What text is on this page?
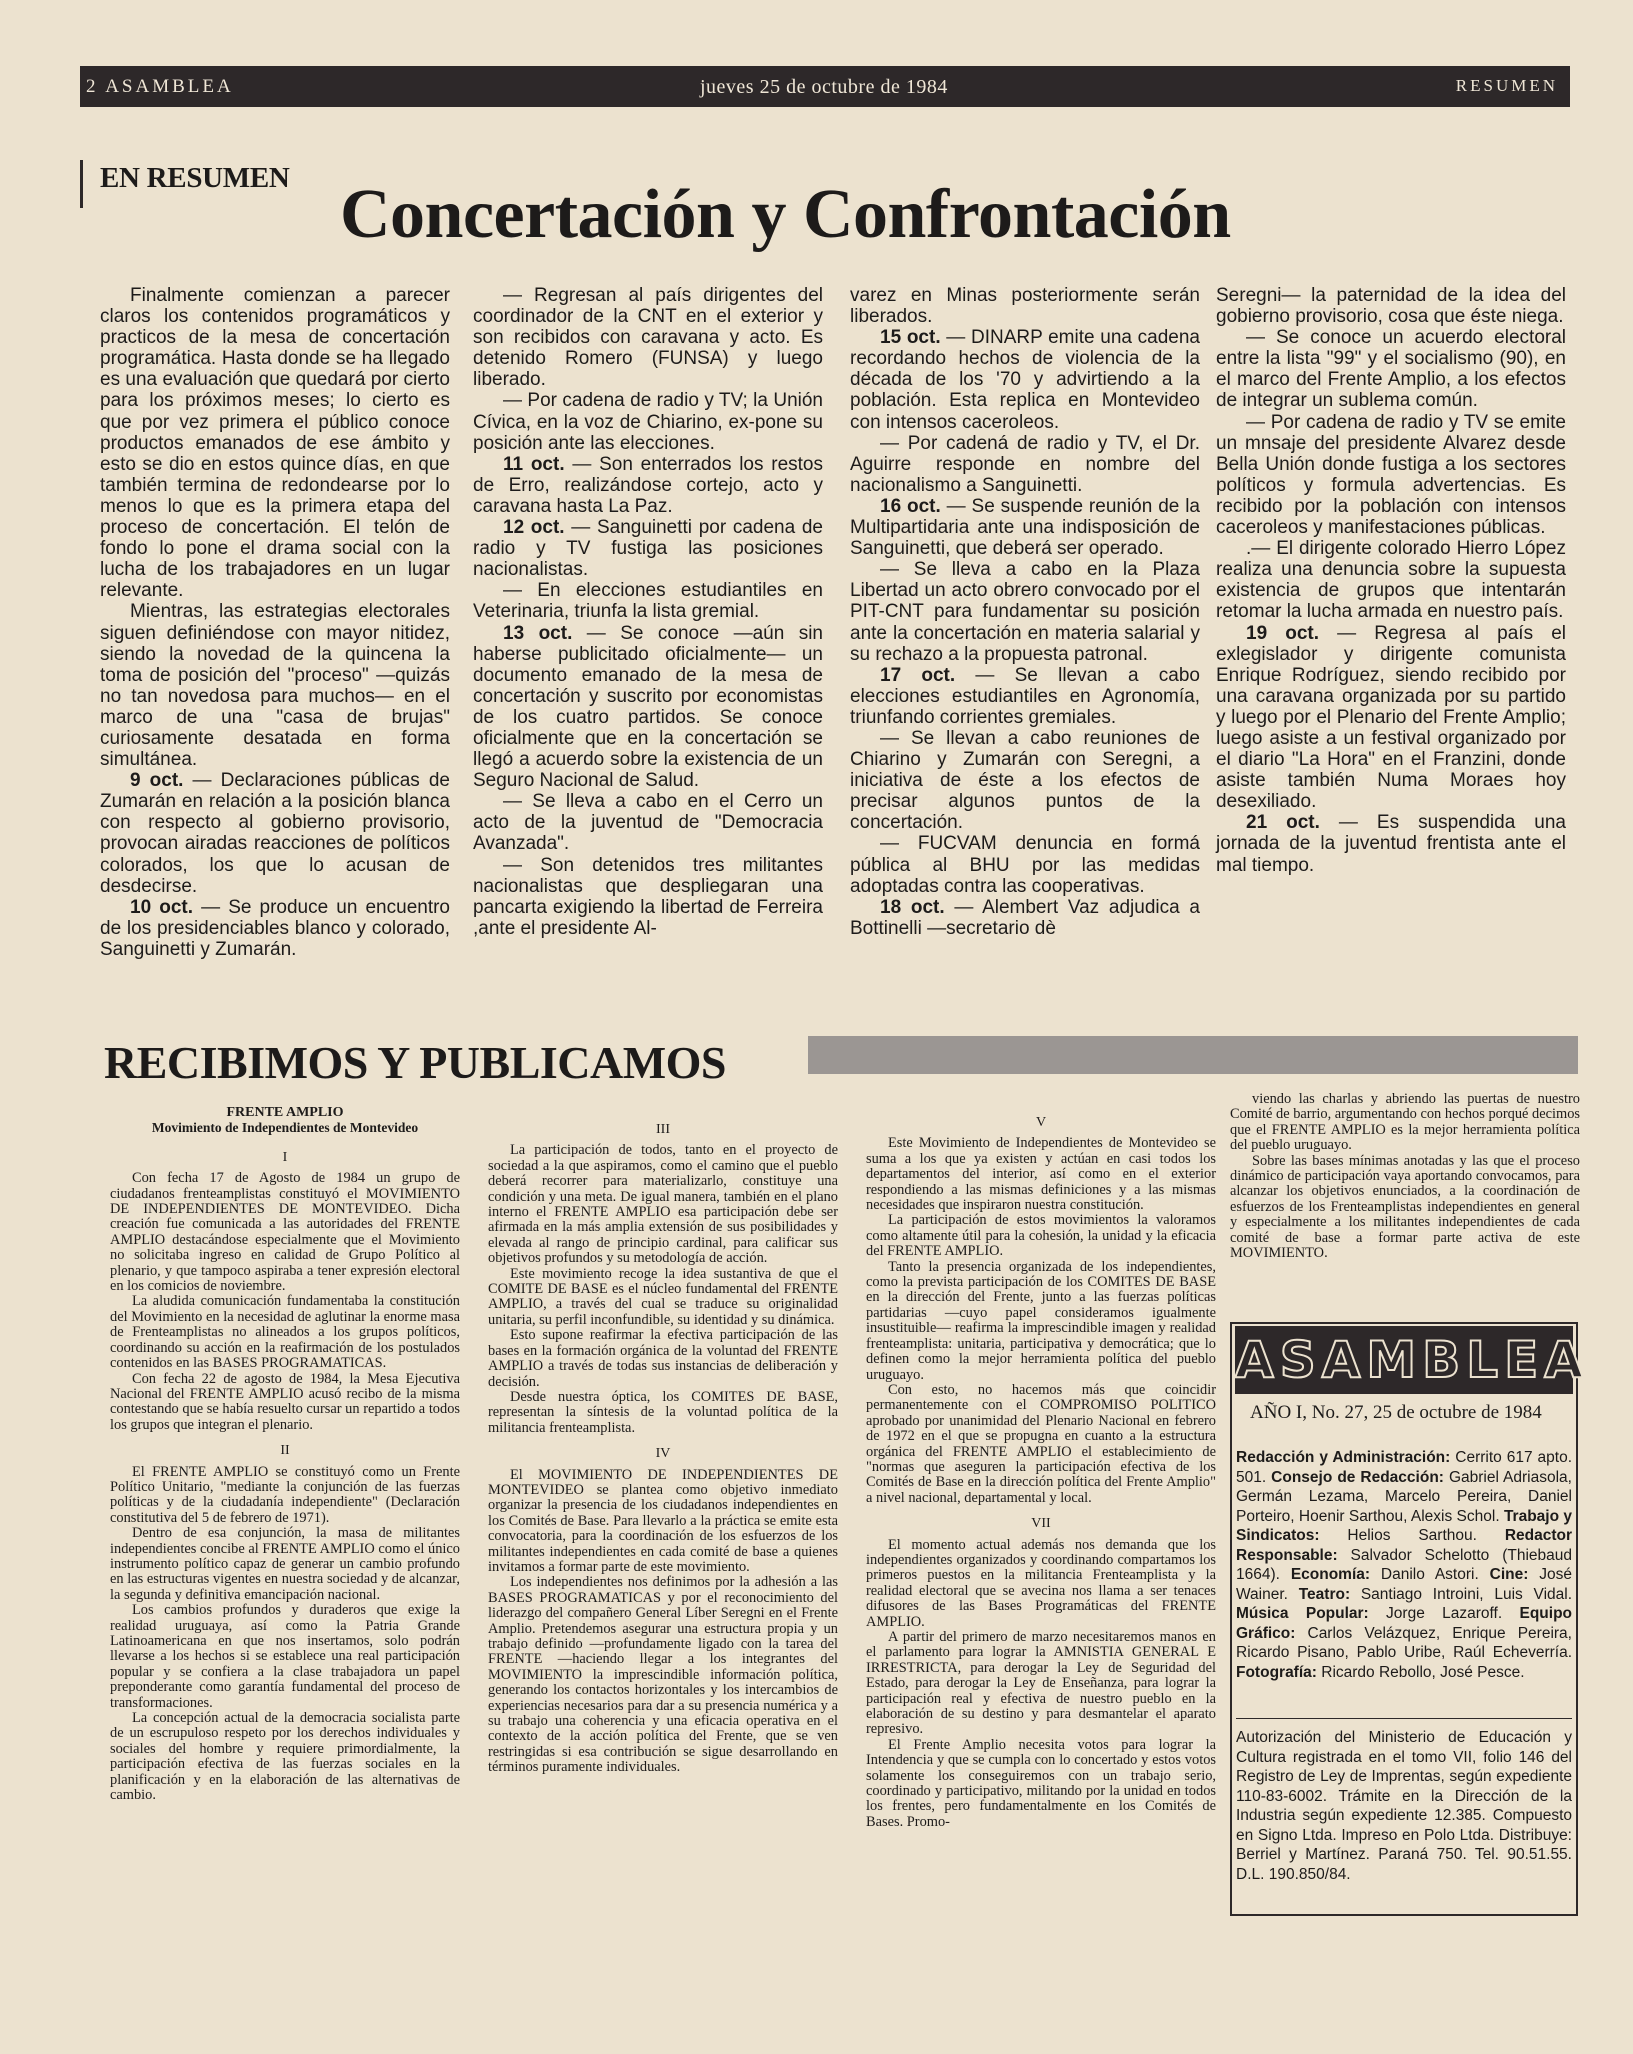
2 ASAMBLEA	jueves 25 de octubre de 1984	RESUMEN
EN RESUMEN Concertación y Confrontación

Finalmente comienzan a parecer claros los contenidos programáticos y practicos de la mesa de concertación programática. Hasta donde se ha llegado es una evaluación que quedará por cierto para los próximos meses; lo cierto es que por vez primera el público conoce productos emanados de ese ámbito y esto se dio en estos quince días, en que también termina de redondearse por lo menos lo que es la primera etapa del proceso de concertación. El telón de fondo lo pone el drama social con la lucha de los trabajadores en un lugar relevante.

Mientras, las estrategias electorales siguen definiéndose con mayor nitidez, siendo la novedad de la quincena la toma de posición del "proceso" —quizás no tan novedosa para muchos— en el marco de una "casa de brujas" curiosamente desatada en forma simultánea.

9 oct. — Declaraciones públicas de Zumarán en relación a la posición blanca con respecto al gobierno provisorio, provocan airadas reacciones de políticos colorados, los que lo acusan de desdecirse.

10 oct. — Se produce un encuentro de los presidenciables blanco y colorado, Sanguinetti y Zumarán.

— Regresan al país dirigentes del coordinador de la CNT en el exterior y son recibidos con caravana y acto. Es detenido Romero (FUNSA) y luego liberado.

— Por cadena de radio y TV; la Unión Cívica, en la voz de Chiarino, ex-pone su posición ante las elecciones.

11 oct. — Son enterrados los restos de Erro, realizándose cortejo, acto y caravana hasta La Paz.

12 oct. — Sanguinetti por cadena de radio y TV fustiga las posiciones nacionalistas.

— En elecciones estudiantiles en Veterinaria, triunfa la lista gremial.

13 oct. — Se conoce —aún sin haberse publicitado oficialmente— un documento emanado de la mesa de concertación y suscrito por economistas de los cuatro partidos. Se conoce oficialmente que en la concertación se llegó a acuerdo sobre la existencia de un Seguro Nacional de Salud.

— Se lleva a cabo en el Cerro un acto de la juventud de "Democracia Avanzada".

— Son detenidos tres militantes nacionalistas que despliegaran una pancarta exigiendo la libertad de Ferreira ,ante el presidente Al-

varez en Minas posteriormente serán liberados.

15 oct. — DINARP emite una cadena recordando hechos de violencia de la década de los '70 y advirtiendo a la población. Esta replica en Montevideo con intensos caceroleos.

— Por cadená de radio y TV, el Dr. Aguirre responde en nombre del nacionalismo a Sanguinetti.

16 oct. — Se suspende reunión de la Multipartidaria ante una indisposición de Sanguinetti, que deberá ser operado.

— Se lleva a cabo en la Plaza Libertad un acto obrero convocado por el PIT-CNT para fundamentar su posición ante la concertación en materia salarial y su rechazo a la propuesta patronal.

17 oct. — Se llevan a cabo elecciones estudiantiles en Agronomía, triunfando corrientes gremiales.

— Se llevan a cabo reuniones de Chiarino y Zumarán con Seregni, a iniciativa de éste a los efectos de precisar algunos puntos de la concertación.

— FUCVAM denuncia en formá pública al BHU por las medidas adoptadas contra las cooperativas.

18 oct. — Alembert Vaz adjudica a Bottinelli —secretario dè

Seregni— la paternidad de la idea del gobierno provisorio, cosa que éste niega.

— Se conoce un acuerdo electoral entre la lista "99" y el socialismo (90), en el marco del Frente Amplio, a los efectos de integrar un sublema común.

— Por cadena de radio y TV se emite un mnsaje del presidente Alvarez desde Bella Unión donde fustiga a los sectores políticos y formula advertencias. Es recibido por la población con intensos caceroleos y manifestaciones públicas.

.— El dirigente colorado Hierro López realiza una denuncia sobre la supuesta existencia de grupos que intentarán retomar la lucha armada en nuestro país.

19 oct. — Regresa al país el exlegislador y dirigente comunista Enrique Rodríguez, siendo recibido por una caravana organizada por su partido y luego por el Plenario del Frente Amplio; luego asiste a un festival organizado por el diario "La Hora" en el Franzini, donde asiste también Numa Moraes hoy desexiliado.

21 oct. — Es suspendida una jornada de la juventud frentista ante el mal tiempo.

RECIBIMOS Y PUBLICAMOS

FRENTE AMPLIO

Movimiento de Independientes de Montevideo

I

Con fecha 17 de Agosto de 1984 un grupo de ciudadanos frenteamplistas constituyó el MOVIMIENTO DE INDEPENDIENTES DE MONTEVIDEO. Dicha creación fue comunicada a las autoridades del FRENTE AMPLIO destacándose especialmente que el Movimiento no solicitaba ingreso en calidad de Grupo Político al plenario, y que tampoco aspiraba a tener expresión electoral en los comicios de noviembre.

La aludida comunicación fundamentaba la constitución del Movimiento en la necesidad de aglutinar la enorme masa de Frenteamplistas no alineados a los grupos políticos, coordinando su acción en la reafirmación de los postulados contenidos en las BASES PROGRAMATICAS.

Con fecha 22 de agosto de 1984, la Mesa Ejecutiva Nacional del FRENTE AMPLIO acusó recibo de la misma contestando que se había resuelto cursar un repartido a todos los grupos que integran el plenario.

II

El FRENTE AMPLIO se constituyó como un Frente Político Unitario, "mediante la conjunción de las fuerzas políticas y de la ciudadanía independiente" (Declaración constitutiva del 5 de febrero de 1971).

Dentro de esa conjunción, la masa de militantes independientes concibe al FRENTE AMPLIO como el único instrumento político capaz de generar un cambio profundo en las estructuras vigentes en nuestra sociedad y de alcanzar, la segunda y definitiva emancipación nacional.

Los cambios profundos y duraderos que exige la realidad uruguaya, así como la Patria Grande Latinoamericana en que nos insertamos, solo podrán llevarse a los hechos si se establece una real participación popular y se confiera a la clase trabajadora un papel preponderante como garantía fundamental del proceso de transformaciones.

La concepción actual de la democracia socialista parte de un escrupuloso respeto por los derechos individuales y sociales del hombre y requiere primordialmente, la participación efectiva de las fuerzas sociales en la planificación y en la elaboración de las alternativas de cambio.

III

La participación de todos, tanto en el proyecto de sociedad a la que aspiramos, como el camino que el pueblo deberá recorrer para materializarlo, constituye una condición y una meta. De igual manera, también en el plano interno el FRENTE AMPLIO esa participación debe ser afirmada en la más amplia extensión de sus posibilidades y elevada al rango de principio cardinal, para calificar sus objetivos profundos y su metodología de acción.

Este movimiento recoge la idea sustantiva de que el COMITE DE BASE es el núcleo fundamental del FRENTE AMPLIO, a través del cual se traduce su originalidad unitaria, su perfil inconfundible, su identidad y su dinámica.

Esto supone reafirmar la efectiva participación de las bases en la formación orgánica de la voluntad del FRENTE AMPLIO a través de todas sus instancias de deliberación y decisión.

Desde nuestra óptica, los COMITES DE BASE, representan la síntesis de la voluntad política de la militancia frenteamplista.

IV

El MOVIMIENTO DE INDEPENDIENTES DE MONTEVIDEO se plantea como objetivo inmediato organizar la presencia de los ciudadanos independientes en los Comités de Base. Para llevarlo a la práctica se emite esta convocatoria, para la coordinación de los esfuerzos de los militantes independientes en cada comité de base a quienes invitamos a formar parte de este movimiento.

Los independientes nos definimos por la adhesión a las BASES PROGRAMATICAS y por el reconocimiento del liderazgo del compañero General Líber Seregni en el Frente Amplio. Pretendemos asegurar una estructura propia y un trabajo definido —profundamente ligado con la tarea del FRENTE —haciendo llegar a los integrantes del MOVIMIENTO la imprescindible información política, generando los contactos horizontales y los intercambios de experiencias necesarios para dar a su presencia numérica y a su trabajo una coherencia y una eficacia operativa en el contexto de la acción política del Frente, que se ven restringidas si esa contribución se sigue desarrollando en términos puramente individuales.

V

Este Movimiento de Independientes de Montevideo se suma a los que ya existen y actúan en casi todos los departamentos del interior, así como en el exterior respondiendo a las mismas definiciones y a las mismas necesidades que inspiraron nuestra constitución.

La participación de estos movimientos la valoramos como altamente útil para la cohesión, la unidad y la eficacia del FRENTE AMPLIO.

Tanto la presencia organizada de los independientes, como la prevista participación de los COMITES DE BASE en la dirección del Frente, junto a las fuerzas políticas partidarias —cuyo papel consideramos igualmente insustituible— reafirma la imprescindible imagen y realidad frenteamplista: unitaria, participativa y democrática; que lo definen como la mejor herramienta política del pueblo uruguayo.

Con esto, no hacemos más que coincidir permanentemente con el COMPROMISO POLITICO aprobado por unanimidad del Plenario Nacional en febrero de 1972 en el que se propugna en cuanto a la estructura orgánica del FRENTE AMPLIO el establecimiento de "normas que aseguren la participación efectiva de los Comités de Base en la dirección política del Frente Amplio" a nivel nacional, departamental y local.

VII

El momento actual además nos demanda que los independientes organizados y coordinando compartamos los primeros puestos en la militancia Frenteamplista y la realidad electoral que se avecina nos llama a ser tenaces difusores de las Bases Programáticas del FRENTE AMPLIO.

A partir del primero de marzo necesitaremos manos en el parlamento para lograr la AMNISTIA GENERAL E IRRESTRICTA, para derogar la Ley de Seguridad del Estado, para derogar la Ley de Enseñanza, para lograr la participación real y efectiva de nuestro pueblo en la elaboración de su destino y para desmantelar el aparato represivo.

El Frente Amplio necesita votos para lograr la Intendencia y que se cumpla con lo concertado y estos votos solamente los conseguiremos con un trabajo serio, coordinado y participativo, militando por la unidad en todos los frentes, pero fundamentalmente en los Comités de Bases. Promo-

viendo las charlas y abriendo las puertas de nuestro Comité de barrio, argumentando con hechos porqué decimos que el FRENTE AMPLIO es la mejor herramienta política del pueblo uruguayo.

Sobre las bases mínimas anotadas y las que el proceso dinámico de participación vaya aportando convocamos, para alcanzar los objetivos enunciados, a la coordinación de esfuerzos de los Frenteamplistas independientes en general y especialmente a los militantes independientes de cada comité de base a formar parte activa de este MOVIMIENTO.

ASAMBLEA
AÑO I, No. 27, 25 de octubre de 1984
Redacción y Administración: Cerrito 617 apto. 501. Consejo de Redacción: Gabriel Adriasola, Germán Lezama, Marcelo Pereira, Daniel Porteiro, Hoenir Sarthou, Alexis Schol. Trabajo y Sindicatos: Helios Sarthou. Redactor Responsable: Salvador Schelotto (Thiebaud 1664). Economía: Danilo Astori. Cine: José Wainer. Teatro: Santiago Introini, Luis Vidal. Música Popular: Jorge Lazaroff. Equipo Gráfico: Carlos Velázquez, Enrique Pereira, Ricardo Pisano, Pablo Uribe, Raúl Echeverría. Fotografía: Ricardo Rebollo, José Pesce.
Autorización del Ministerio de Educación y Cultura registrada en el tomo VII, folio 146 del Registro de Ley de Imprentas, según expediente 110-83-6002. Trámite en la Dirección de la Industria según expediente 12.385. Compuesto en Signo Ltda. Impreso en Polo Ltda. Distribuye: Berriel y Martínez. Paraná 750. Tel. 90.51.55. D.L. 190.850/84.
